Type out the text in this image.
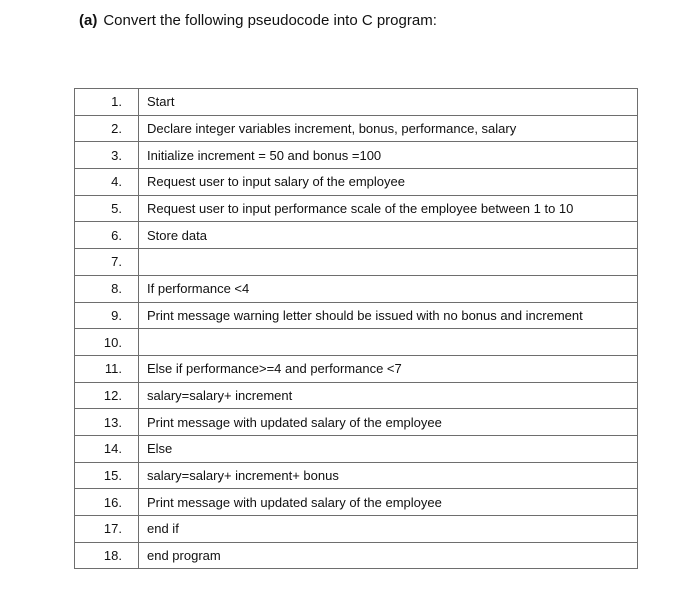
(a) Convert the following pseudocode into C program:
1.	Start
2.	Declare integer variables increment, bonus, performance, salary
3.	Initialize increment = 50 and bonus =100
4.	Request user to input salary of the employee
5.	Request user to input performance scale of the employee between 1 to 10
6.	Store data
7.	
8.	If performance <4
9.	Print message warning letter should be issued with no bonus and increment
10.	
11.	Else if performance>=4 and performance <7
12.	salary=salary+ increment
13.	Print message with updated salary of the employee
14.	Else
15.	salary=salary+ increment+ bonus
16.	Print message with updated salary of the employee
17.	end if
18.	end program
